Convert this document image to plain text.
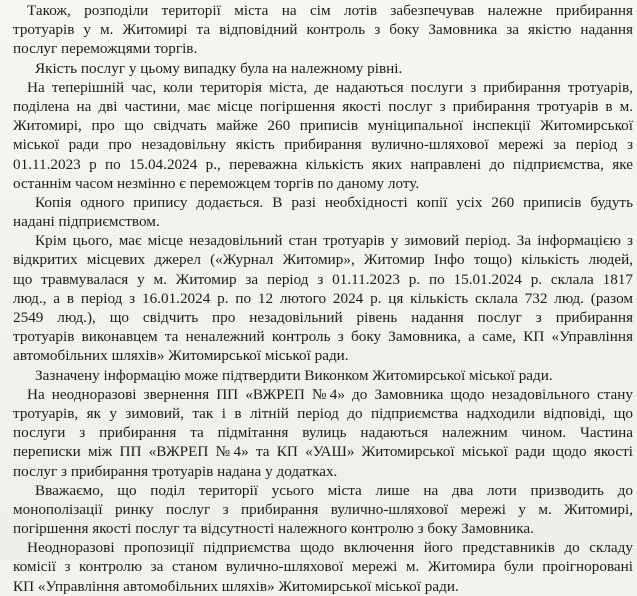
Також, розподіли території міста на сім лотів забезпечував належне прибирання
тротуарів у м. Житомирі та відповідний контроль з боку Замовника за якістю надання
послуг переможцями торгів.
Якість послуг у цьому випадку була на належному рівні.
На теперішній час, коли територія міста, де надаються послуги з прибирання тротуарів,
поділена на дві частини, має місце погіршення якості послуг з прибирання тротуарів в м.
Житомирі, про що свідчать майже 260 приписів муніципальної інспекції Житомирської
міської ради про незадовільну якість прибирання вулично-шляхової мережі за період з
01.11.2023 р по 15.04.2024 р., переважна кількість яких направлені до підприємства, яке
останнім часом незмінно є переможцем торгів по даному лоту.
Копія одного припису додається. В разі необхідності копії усіх 260 приписів будуть
надані підприємством.
Крім цього, має місце незадовільний стан тротуарів у зимовий період. За інформацією з
відкритих місцевих джерел («Журнал Житомир», Житомир Інфо тощо) кількість людей,
що травмувалася у м. Житомир за період з 01.11.2023 р. по 15.01.2024 р. склала 1817
люд., а в період з 16.01.2024 р. по 12 лютого 2024 р. ця кількість склала 732 люд. (разом
2549 люд.), що свідчить про незадовільний рівень надання послуг з прибирання
тротуарів виконавцем та неналежний контроль з боку Замовника, а саме, КП «Управління
автомобільних шляхів» Житомирської міської ради.
Зазначену інформацію може підтвердити Виконком Житомирської міської ради.
На неодноразові звернення ПП «ВЖРЕП №4» до Замовника щодо незадовільного стану
тротуарів, як у зимовий, так і в літній період до підприємства надходили відповіді, що
послуги з прибирання та підмітання вулиць надаються належним чином. Частина
переписки між ПП «ВЖРЕП №4» та КП «УАШ» Житомирської міської ради щодо якості
послуг з прибирання тротуарів надана у додатках.
Вважаємо, що поділ території усього міста лише на два лоти призводить до
монополізації ринку послуг з прибирання вулично-шляхової мережі у м. Житомирі,
погіршення якості послуг та відсутності належного контролю з боку Замовника.
Неодноразові пропозиції підприємства щодо включення його представників до складу
комісії з контролю за станом вулично-шляхової мережі м. Житомира були проігноровані
КП «Управління автомобільних шляхів» Житомирської міської ради.
